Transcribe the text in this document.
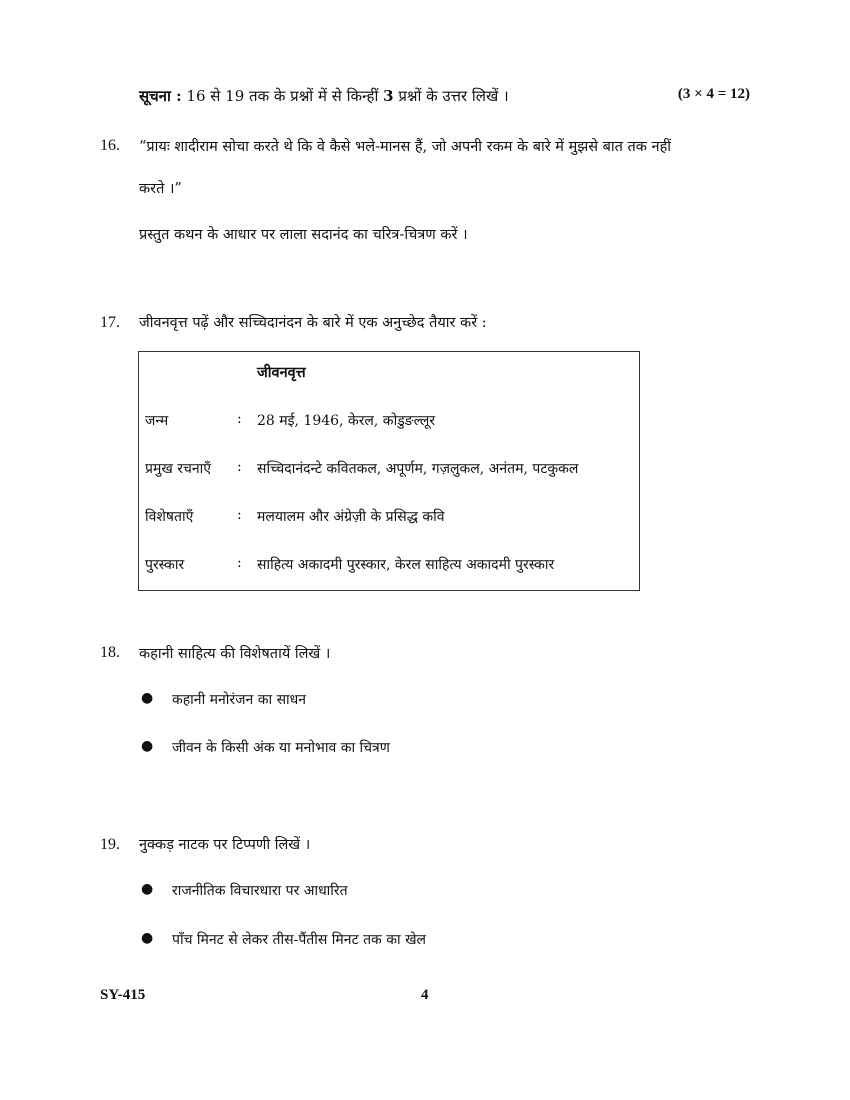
सूचना : 16 से 19 तक के प्रश्नों में से किन्हीं 3 प्रश्नों के उत्तर लिखें ।	(3 × 4 = 12)
16. “प्रायः शादीराम सोचा करते थे कि वे कैसे भले-मानस हैं, जो अपनी रकम के बारे में मुझसे बात तक नहीं
करते ।”
प्रस्तुत कथन के आधार पर लाला सदानंद का चरित्र-चित्रण करें ।
17. जीवनवृत्त पढ़ें और सच्चिदानंदन के बारे में एक अनुच्छेद तैयार करें :
जीवनवृत्त
जन्म	: 28 मई, 1946, केरल, कोडुङल्लूर
प्रमुख रचनाएँ : सच्चिदानंदन्टे कवितकल, अपूर्णम, गज़लुकल, अनंतम, पटकुकल
विशेषताएँ	: मलयालम और अंग्रेज़ी के प्रसिद्ध कवि
पुरस्कार	: साहित्य अकादमी पुरस्कार, केरल साहित्य अकादमी पुरस्कार
18. कहानी साहित्य की विशेषतायें लिखें ।
● कहानी मनोरंजन का साधन
● जीवन के किसी अंक या मनोभाव का चित्रण
19. नुक्कड़ नाटक पर टिप्पणी लिखें ।
● राजनीतिक विचारधारा पर आधारित
● पाँच मिनट से लेकर तीस-पैंतीस मिनट तक का खेल
SY-415	4
